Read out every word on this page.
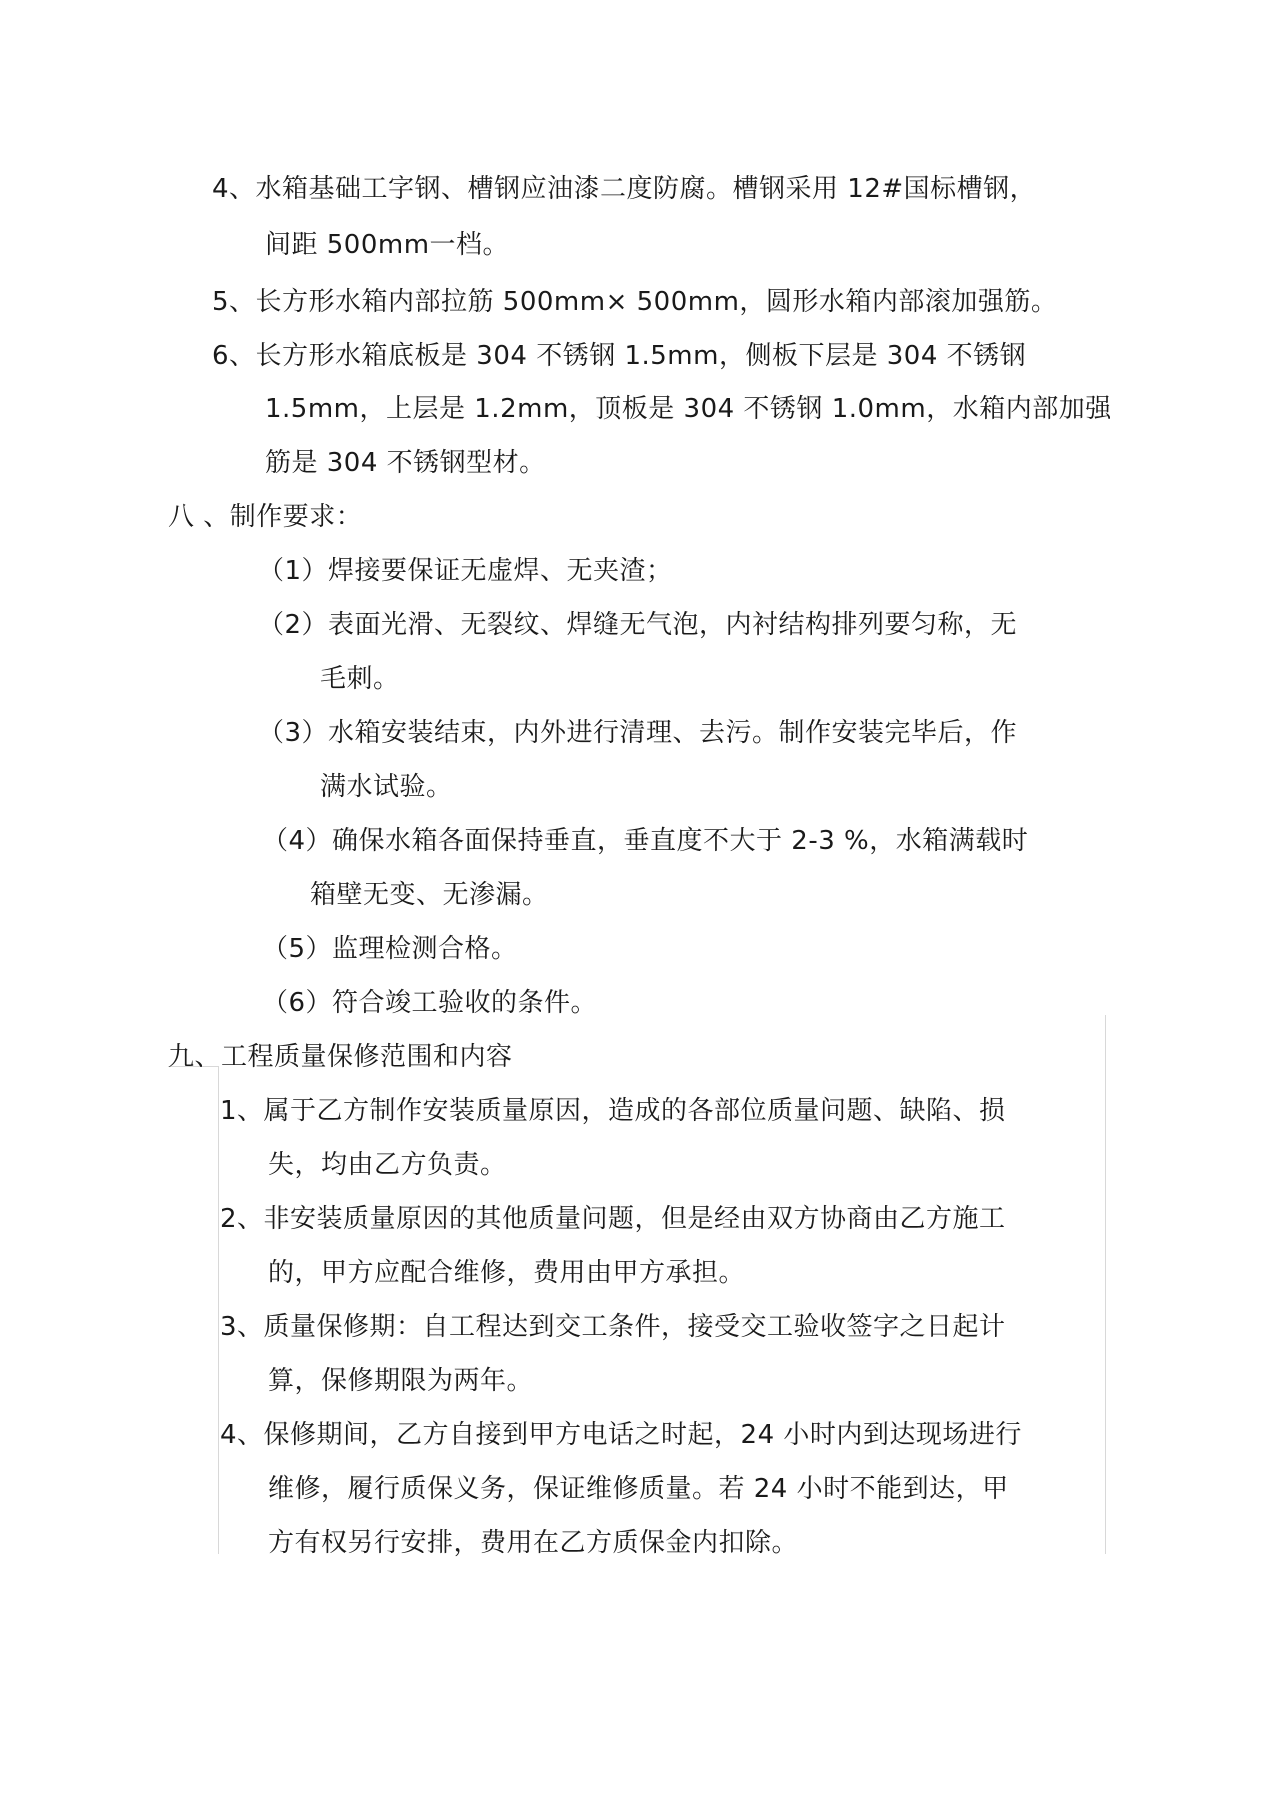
4、水箱基础工字钢、槽钢应油漆二度防腐。槽钢采用 12#国标槽钢，
间距 500mm一档。
5、长方形水箱内部拉筋 500mm× 500mm，圆形水箱内部滚加强筋。
6、长方形水箱底板是 304 不锈钢 1.5mm，侧板下层是 304 不锈钢
1.5mm，上层是 1.2mm，顶板是 304 不锈钢 1.0mm，水箱内部加强
筋是 304 不锈钢型材。
八 、制作要求：
（1）焊接要保证无虚焊、无夹渣；
（2）表面光滑、无裂纹、焊缝无气泡，内衬结构排列要匀称，无
毛刺。
（3）水箱安装结束，内外进行清理、去污。制作安装完毕后，作
满水试验。
（4）确保水箱各面保持垂直，垂直度不大于 2-3 %，水箱满载时
箱壁无变、无渗漏。
（5）监理检测合格。
（6）符合竣工验收的条件。
九、工程质量保修范围和内容
1、属于乙方制作安装质量原因，造成的各部位质量问题、缺陷、损
失，均由乙方负责。
2、非安装质量原因的其他质量问题，但是经由双方协商由乙方施工
的，甲方应配合维修，费用由甲方承担。
3、质量保修期：自工程达到交工条件，接受交工验收签字之日起计
算，保修期限为两年。
4、保修期间，乙方自接到甲方电话之时起，24 小时内到达现场进行
维修，履行质保义务，保证维修质量。若 24 小时不能到达，甲
方有权另行安排，费用在乙方质保金内扣除。
